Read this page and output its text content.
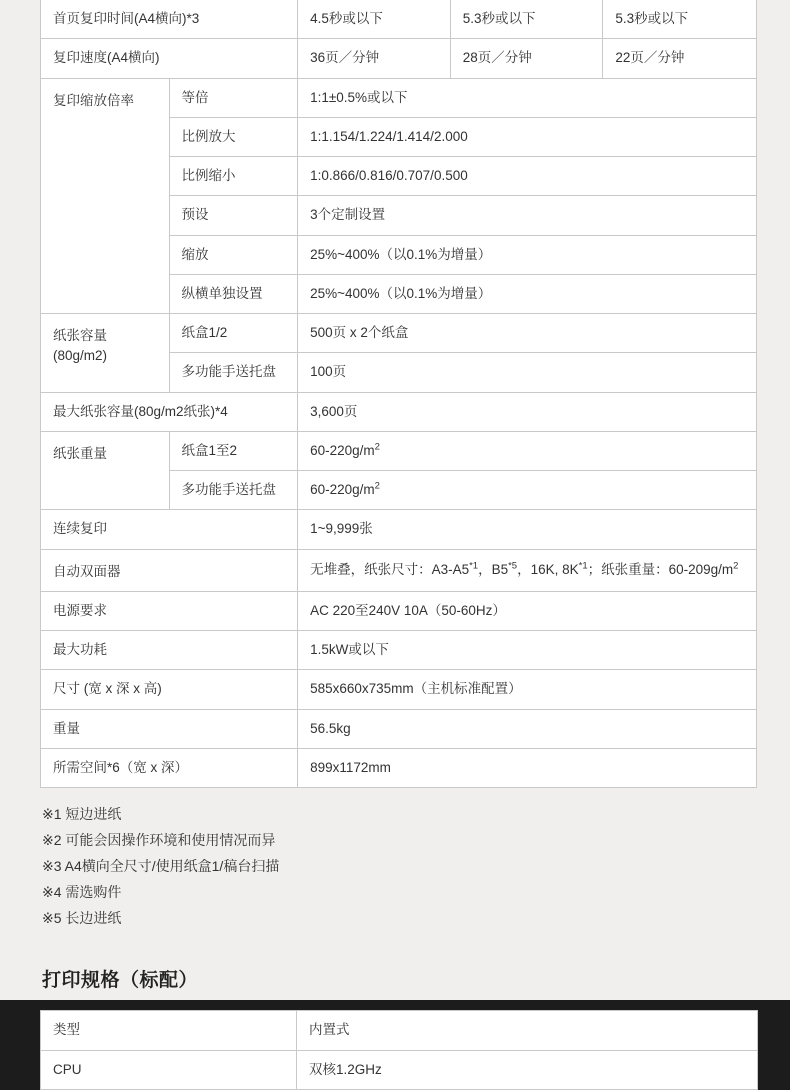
首页复印时间(A4横向)*3		4.5秒或以下	5.3秒或以下	5.3秒或以下
复印速度(A4横向)		36页／分钟	28页／分钟	22页／分钟
复印缩放倍率	等倍	1:1±0.5%或以下		
	比例放大	1:1.154/1.224/1.414/2.000		
	比例缩小	1:0.866/0.816/0.707/0.500		
	预设	3个定制设置		
	缩放	25%~400%（以0.1%为增量）		
	纵横单独设置	25%~400%（以0.1%为增量）		

纸张容量
(80g/m2)	纸盒1/2	500页 x 2个纸盒		
	多功能手送托盘	100页		
最大纸张容量(80g/m2纸张)*4		3,600页		
纸张重量	纸盒1至2	$60-220g/m^2$
	多功能手送托盘	$60-220g/m^2$
连续复印		1~9,999张		
自动双面器		无堆叠，纸张尺寸：A3-A5$^{*1}$，B5$^{*5}$，16K, $8K^{*1}$；纸张重量：$60-209g/m^2$
电源要求		AC 220至240V 10A（50-60Hz）		
最大功耗		1.5kW或以下		
尺寸 (宽 x 深 x 高)		585x660x735mm（主机标准配置）		
重量		56.5kg		
所需空间*6（宽 x 深）		899x1172mm		
※1 短边进纸
※2 可能会因操作环境和使用情况而异
※3 A4横向全尺寸/使用纸盒1/稿台扫描
※4 需选购件
※5 长边进纸
打印规格（标配）
类型	内置式
CPU	双核1.2GHz
